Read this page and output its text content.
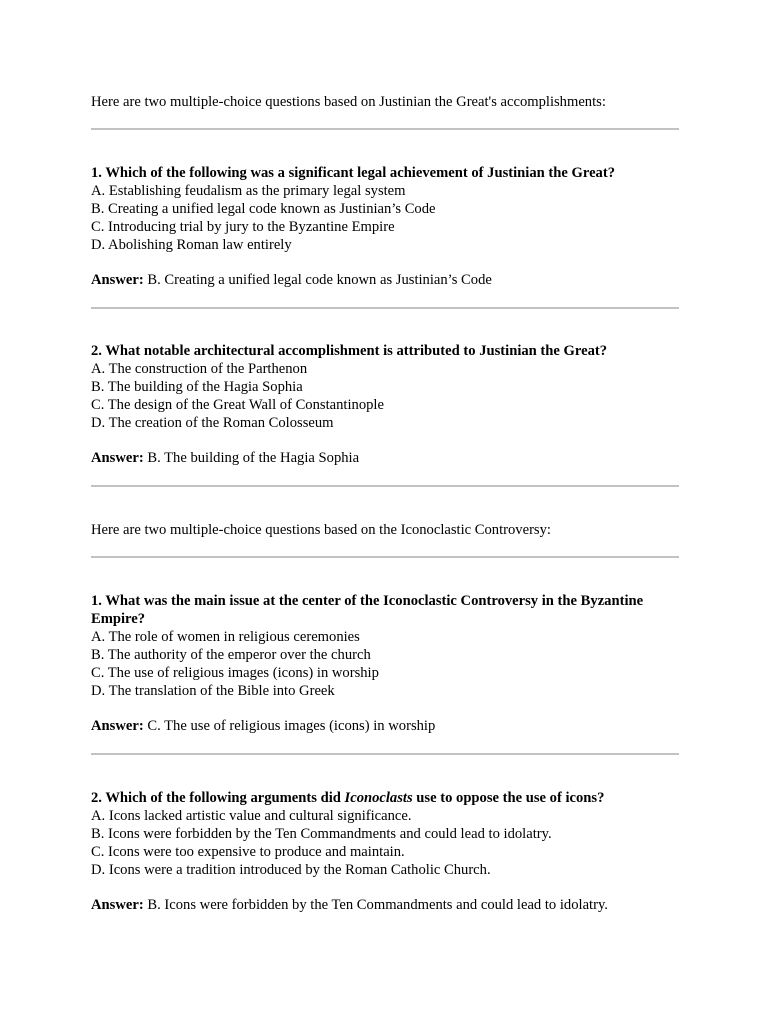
Here are two multiple-choice questions based on Justinian the Great's accomplishments:
1. Which of the following was a significant legal achievement of Justinian the Great?
A. Establishing feudalism as the primary legal system
B. Creating a unified legal code known as Justinian’s Code
C. Introducing trial by jury to the Byzantine Empire
D. Abolishing Roman law entirely
Answer: B. Creating a unified legal code known as Justinian’s Code
2. What notable architectural accomplishment is attributed to Justinian the Great?
A. The construction of the Parthenon
B. The building of the Hagia Sophia
C. The design of the Great Wall of Constantinople
D. The creation of the Roman Colosseum
Answer: B. The building of the Hagia Sophia
Here are two multiple-choice questions based on the Iconoclastic Controversy:
1. What was the main issue at the center of the Iconoclastic Controversy in the Byzantine Empire?
A. The role of women in religious ceremonies
B. The authority of the emperor over the church
C. The use of religious images (icons) in worship
D. The translation of the Bible into Greek
Answer: C. The use of religious images (icons) in worship
2. Which of the following arguments did Iconoclasts use to oppose the use of icons?
A. Icons lacked artistic value and cultural significance.
B. Icons were forbidden by the Ten Commandments and could lead to idolatry.
C. Icons were too expensive to produce and maintain.
D. Icons were a tradition introduced by the Roman Catholic Church.
Answer: B. Icons were forbidden by the Ten Commandments and could lead to idolatry.
